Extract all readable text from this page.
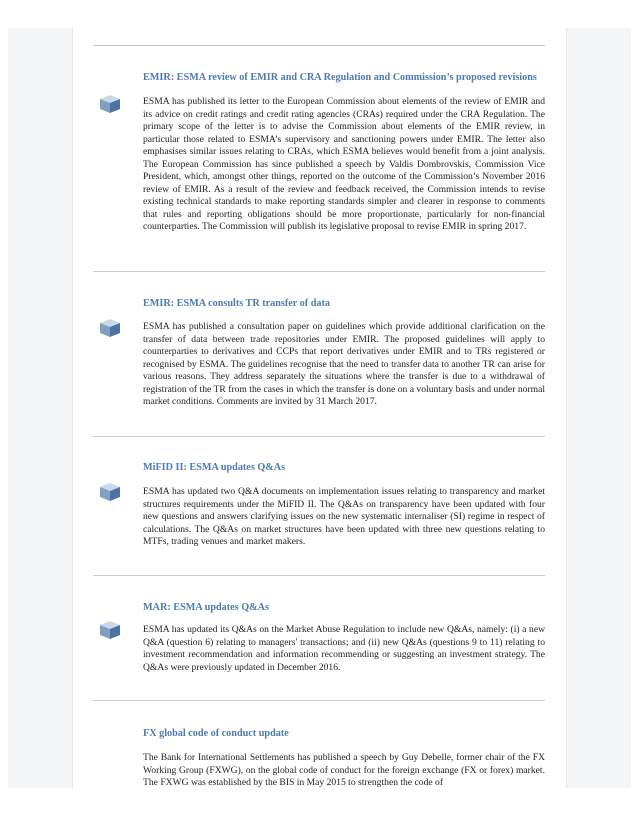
EMIR: ESMA review of EMIR and CRA Regulation and Commission’s proposed revisions

ESMA has published its letter to the European Commission about elements of the review of EMIR and its advice on credit ratings and credit rating agencies (CRAs) required under the CRA Regulation. The primary scope of the letter is to advise the Commission about elements of the EMIR review, in particular those related to ESMA’s supervisory and sanctioning powers under EMIR. The letter also emphasises similar issues relating to CRAs, which ESMA believes would benefit from a joint analysis. The European Commission has since published a speech by Valdis Dombrovskis, Commission Vice President, which, amongst other things, reported on the outcome of the Commission’s November 2016 review of EMIR. As a result of the review and feedback received, the Commission intends to revise existing technical standards to make reporting standards simpler and clearer in response to comments that rules and reporting obligations should be more proportionate, particularly for non-financial counterparties. The Commission will publish its legislative proposal to revise EMIR in spring 2017.

EMIR: ESMA consults TR transfer of data

ESMA has published a consultation paper on guidelines which provide additional clarification on the transfer of data between trade repositories under EMIR. The proposed guidelines will apply to counterparties to derivatives and CCPs that report derivatives under EMIR and to TRs registered or recognised by ESMA. The guidelines recognise that the need to transfer data to another TR can arise for various reasons. They address separately the situations where the transfer is due to a withdrawal of registration of the TR from the cases in which the transfer is done on a voluntary basis and under normal market conditions. Comments are invited by 31 March 2017.

MiFID II: ESMA updates Q&As

ESMA has updated two Q&A documents on implementation issues relating to transparency and market structures requirements under the MiFID II. The Q&As on transparency have been updated with four new questions and answers clarifying issues on the new systematic internaliser (SI) regime in respect of calculations. The Q&As on market structures have been updated with three new questions relating to MTFs, trading venues and market makers.

MAR: ESMA updates Q&As

ESMA has updated its Q&As on the Market Abuse Regulation to include new Q&As, namely: (i) a new Q&A (question 6) relating to managers' transactions; and (ii) new Q&As (questions 9 to 11) relating to investment recommendation and information recommending or suggesting an investment strategy. The Q&As were previously updated in December 2016.

FX global code of conduct update

The Bank for International Settlements has published a speech by Guy Debelle, former chair of the FX Working Group (FXWG), on the global code of conduct for the foreign exchange (FX or forex) market. The FXWG was established by the BIS in May 2015 to strengthen the code of
